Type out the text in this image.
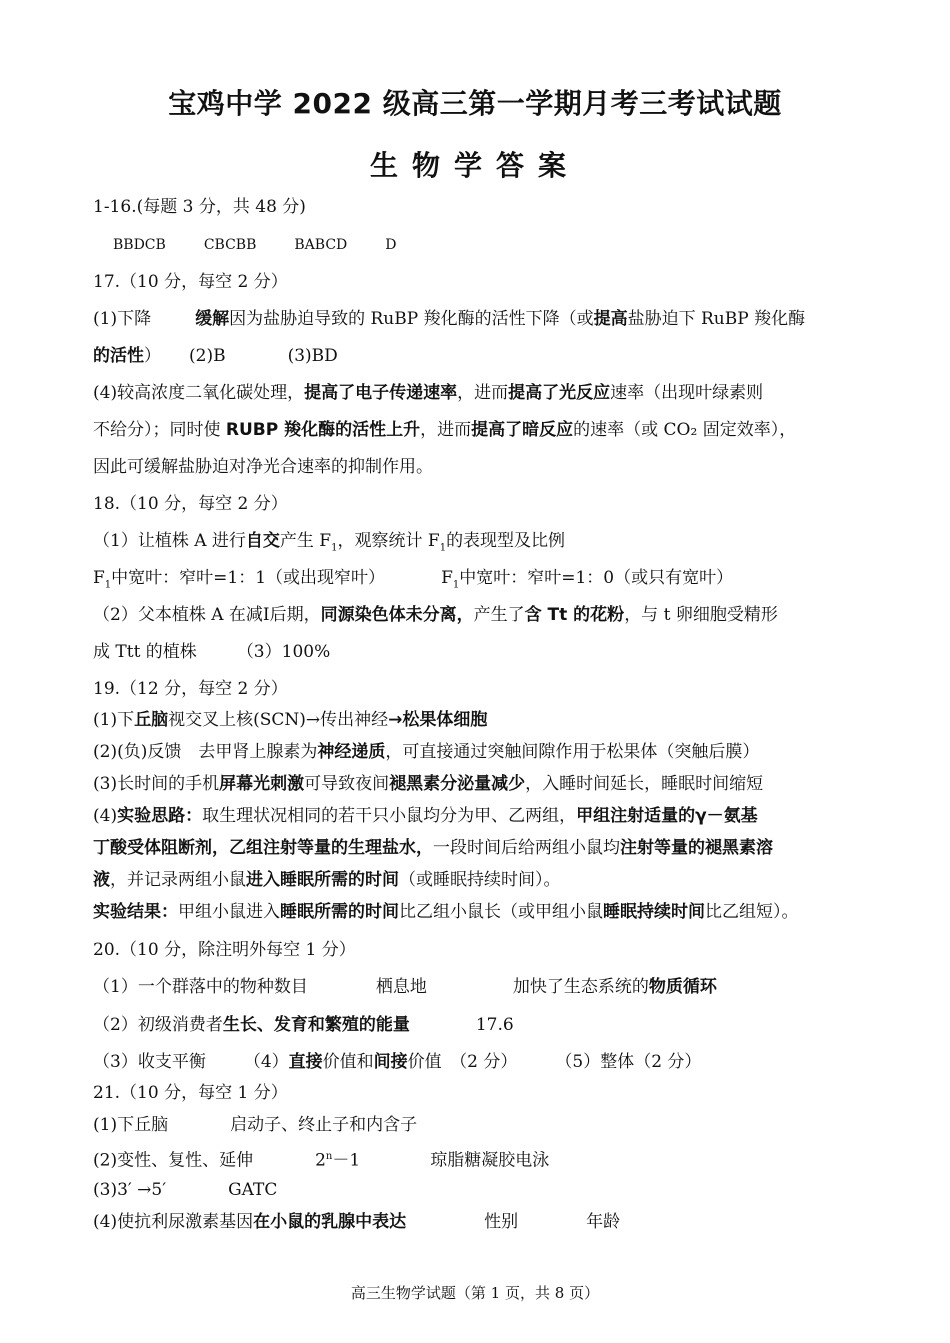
宝鸡中学 2022 级高三第一学期月考三考试试题
生物学答案
1-16.(每题 3 分，共 48 分)
BBDCB	CBCBB	BABCD	D
17.（10 分，每空 2 分）
(1)下降	缓解因为盐胁迫导致的 RuBP 羧化酶的活性下降（或提高盐胁迫下 RuBP 羧化酶
的活性） (2)B	(3)BD
(4)较高浓度二氧化碳处理，提高了电子传递速率，进而提高了光反应速率（出现叶绿素则
不给分）；同时使 RUBP 羧化酶的活性上升，进而提高了暗反应的速率（或 CO₂ 固定效率），
因此可缓解盐胁迫对净光合速率的抑制作用。
18.（10 分，每空 2 分）
（1）让植株 A 进行自交产生 $F_1$，观察统计 $F_1$的表现型及比例
$F_1$中宽叶：窄叶=1：1（或出现窄叶）	$F_1$中宽叶：窄叶=1：0（或只有宽叶）
（2）父本植株 A 在减Ⅰ后期，同源染色体未分离，产生了含 Tt 的花粉，与 t 卵细胞受精形
成 Ttt 的植株 （3）100%
19.（12 分，每空 2 分）
(1)下丘脑视交叉上核(SCN)→传出神经→松果体细胞
(2)(负)反馈　去甲肾上腺素为神经递质，可直接通过突触间隙作用于松果体（突触后膜）
(3)长时间的手机屏幕光刺激可导致夜间褪黑素分泌量减少，入睡时间延长，睡眠时间缩短
(4)实验思路：取生理状况相同的若干只小鼠均分为甲、乙两组，甲组注射适量的γ－氨基
丁酸受体阻断剂，乙组注射等量的生理盐水，一段时间后给两组小鼠均注射等量的褪黑素溶
液，并记录两组小鼠进入睡眠所需的时间（或睡眠持续时间）。
实验结果：甲组小鼠进入睡眠所需的时间比乙组小鼠长（或甲组小鼠睡眠持续时间比乙组短）。
20.（10 分，除注明外每空 1 分）
（1）一个群落中的物种数目	栖息地	加快了生态系统的物质循环
（2）初级消费者生长、发育和繁殖的能量	17.6
（3）收支平衡 （4）直接价值和间接价值　（2 分） （5）整体（2 分）
21.（10 分，每空 1 分）
(1)下丘脑	启动子、终止子和内含子
(2)变性、复性、延伸	$2^n-1$	琼脂糖凝胶电泳
(3)3′ →5′	GATC
(4)使抗利尿激素基因在小鼠的乳腺中表达	性别	年龄
高三生物学试题（第 1 页，共 8 页）
